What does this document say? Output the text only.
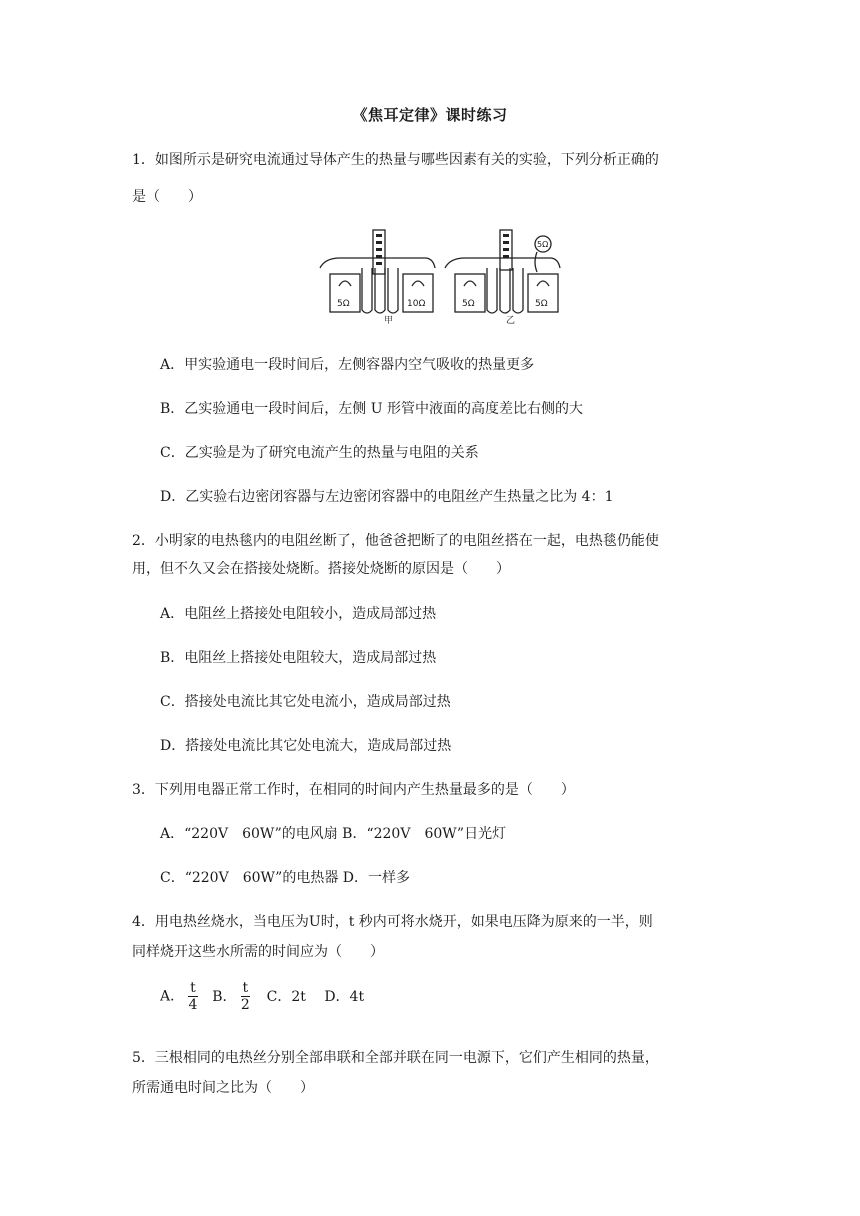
《焦耳定律》课时练习
1．如图所示是研究电流通过导体产生的热量与哪些因素有关的实验，下列分析正确的
是（　　）
5Ω	10Ω	5Ω	5Ω
5Ω
甲	乙
A．甲实验通电一段时间后，左侧容器内空气吸收的热量更多
B．乙实验通电一段时间后，左侧 U 形管中液面的高度差比右侧的大
C．乙实验是为了研究电流产生的热量与电阻的关系
D．乙实验右边密闭容器与左边密闭容器中的电阻丝产生热量之比为 4：1
2．小明家的电热毯内的电阻丝断了，他爸爸把断了的电阻丝搭在一起，电热毯仍能使
用，但不久又会在搭接处烧断。搭接处烧断的原因是（　　）
A．电阻丝上搭接处电阻较小，造成局部过热
B．电阻丝上搭接处电阻较大，造成局部过热
C．搭接处电流比其它处电流小，造成局部过热
D．搭接处电流比其它处电流大，造成局部过热
3．下列用电器正常工作时，在相同的时间内产生热量最多的是（　　）
A．“220V　60W”的电风扇 B．“220V　60W”日光灯
C．“220V　60W”的电热器 D．一样多
4．用电热丝烧水，当电压为U时，t 秒内可将水烧开，如果电压降为原来的一半，则
同样烧开这些水所需的时间应为（　　）
A． $\frac{t}{4}$ B． $\frac{t}{2}$ C．2t D．4t
5．三根相同的电热丝分别全部串联和全部并联在同一电源下，它们产生相同的热量，
所需通电时间之比为（　　）
